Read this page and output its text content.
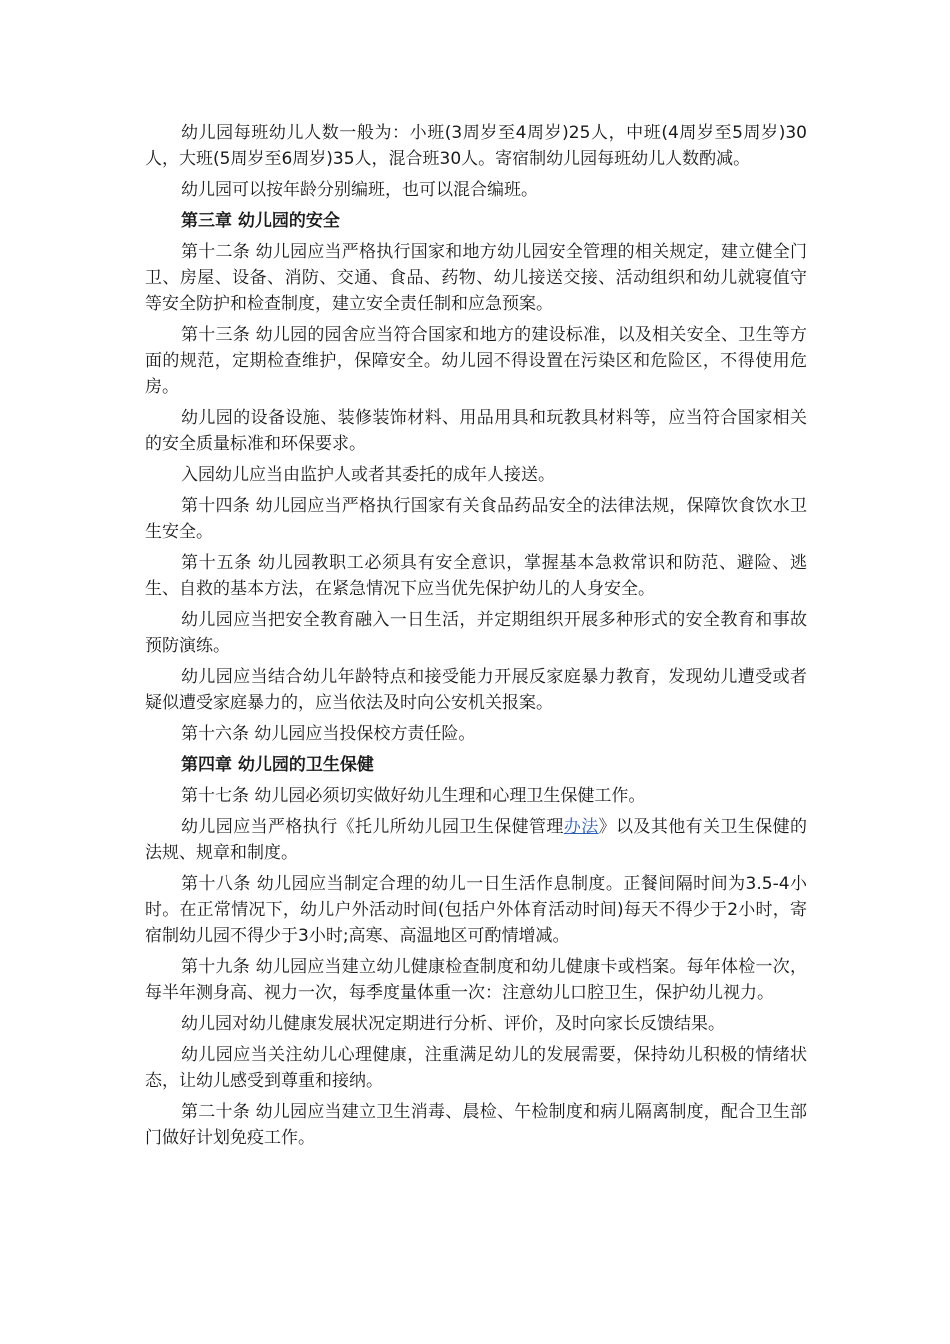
幼儿园每班幼儿人数一般为：小班(3周岁至4周岁)25人，中班(4周岁至5周岁)30人，大班(5周岁至6周岁)35人，混合班30人。寄宿制幼儿园每班幼儿人数酌减。

幼儿园可以按年龄分别编班，也可以混合编班。

第三章 幼儿园的安全

第十二条 幼儿园应当严格执行国家和地方幼儿园安全管理的相关规定，建立健全门卫、房屋、设备、消防、交通、食品、药物、幼儿接送交接、活动组织和幼儿就寝值守等安全防护和检查制度，建立安全责任制和应急预案。

第十三条 幼儿园的园舍应当符合国家和地方的建设标准，以及相关安全、卫生等方面的规范，定期检查维护，保障安全。幼儿园不得设置在污染区和危险区，不得使用危房。

幼儿园的设备设施、装修装饰材料、用品用具和玩教具材料等，应当符合国家相关的安全质量标准和环保要求。

入园幼儿应当由监护人或者其委托的成年人接送。

第十四条 幼儿园应当严格执行国家有关食品药品安全的法律法规，保障饮食饮水卫生安全。

第十五条 幼儿园教职工必须具有安全意识，掌握基本急救常识和防范、避险、逃生、自救的基本方法，在紧急情况下应当优先保护幼儿的人身安全。

幼儿园应当把安全教育融入一日生活，并定期组织开展多种形式的安全教育和事故预防演练。

幼儿园应当结合幼儿年龄特点和接受能力开展反家庭暴力教育，发现幼儿遭受或者疑似遭受家庭暴力的，应当依法及时向公安机关报案。

第十六条 幼儿园应当投保校方责任险。

第四章 幼儿园的卫生保健

第十七条 幼儿园必须切实做好幼儿生理和心理卫生保健工作。

幼儿园应当严格执行《托儿所幼儿园卫生保健管理办法》以及其他有关卫生保健的法规、规章和制度。

第十八条 幼儿园应当制定合理的幼儿一日生活作息制度。正餐间隔时间为3.5-4小时。在正常情况下，幼儿户外活动时间(包括户外体育活动时间)每天不得少于2小时，寄宿制幼儿园不得少于3小时;高寒、高温地区可酌情增减。

第十九条 幼儿园应当建立幼儿健康检查制度和幼儿健康卡或档案。每年体检一次，每半年测身高、视力一次，每季度量体重一次：注意幼儿口腔卫生，保护幼儿视力。

幼儿园对幼儿健康发展状况定期进行分析、评价，及时向家长反馈结果。

幼儿园应当关注幼儿心理健康，注重满足幼儿的发展需要，保持幼儿积极的情绪状态，让幼儿感受到尊重和接纳。

第二十条 幼儿园应当建立卫生消毒、晨检、午检制度和病儿隔离制度，配合卫生部门做好计划免疫工作。
